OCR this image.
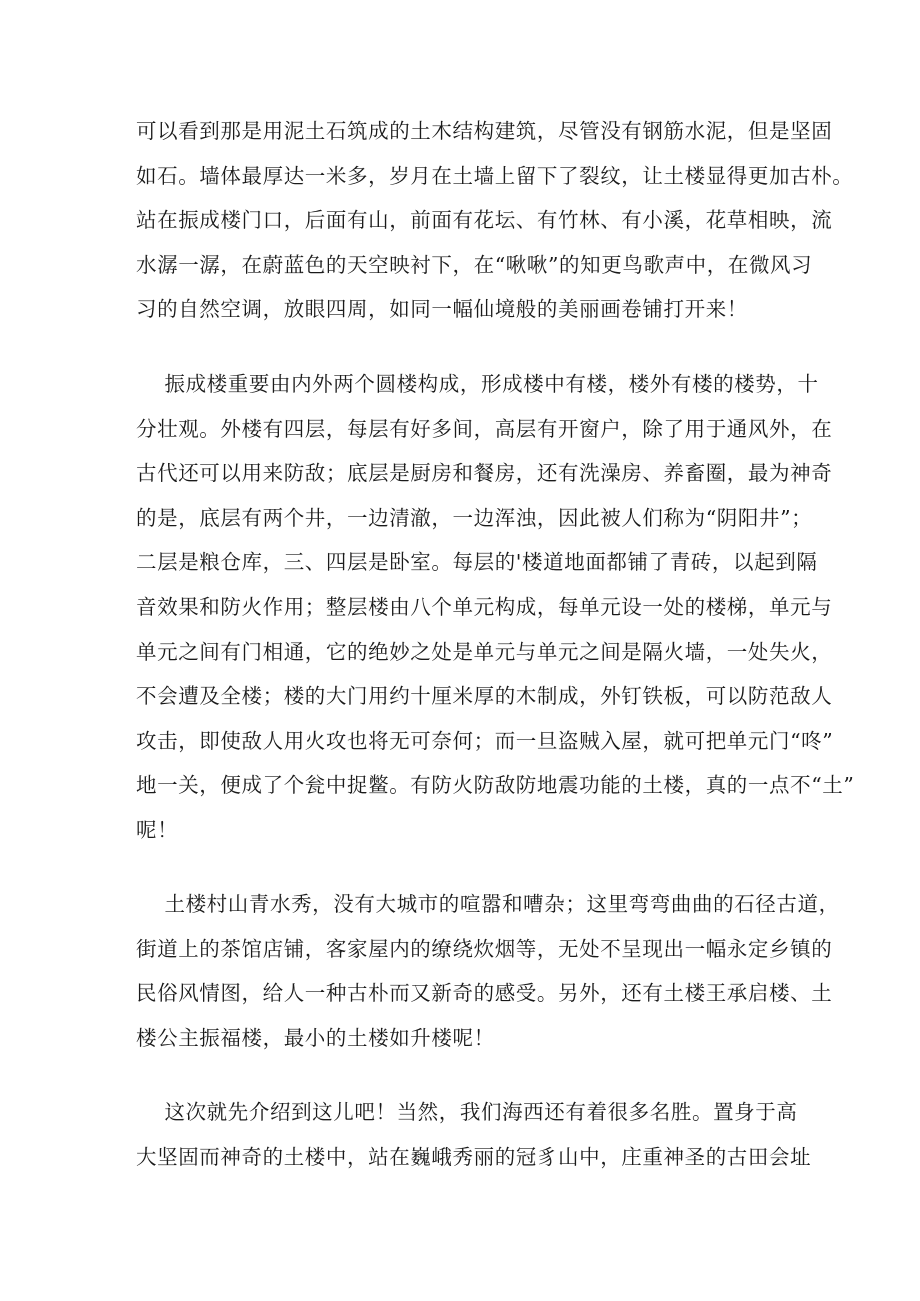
可以看到那是用泥土石筑成的土木结构建筑，尽管没有钢筋水泥，但是坚固
如石。墙体最厚达一米多，岁月在土墙上留下了裂纹，让土楼显得更加古朴。
站在振成楼门口，后面有山，前面有花坛、有竹林、有小溪，花草相映，流
水潺一潺，在蔚蓝色的天空映衬下，在“啾啾”的知更鸟歌声中，在微风习
习的自然空调，放眼四周，如同一幅仙境般的美丽画卷铺打开来！
振成楼重要由内外两个圆楼构成，形成楼中有楼，楼外有楼的楼势，十
分壮观。外楼有四层，每层有好多间，高层有开窗户，除了用于通风外，在
古代还可以用来防敌；底层是厨房和餐房，还有洗澡房、养畜圈，最为神奇
的是，底层有两个井，一边清澈，一边浑浊，因此被人们称为“阴阳井”；
二层是粮仓库，三、四层是卧室。每层的'楼道地面都铺了青砖，以起到隔
音效果和防火作用；整层楼由八个单元构成，每单元设一处的楼梯，单元与
单元之间有门相通，它的绝妙之处是单元与单元之间是隔火墙，一处失火，
不会遭及全楼；楼的大门用约十厘米厚的木制成，外钉铁板，可以防范敌人
攻击，即使敌人用火攻也将无可奈何；而一旦盗贼入屋，就可把单元门“咚”
地一关，便成了个瓮中捉鳖。有防火防敌防地震功能的土楼，真的一点不“土”
呢！
土楼村山青水秀，没有大城市的喧嚣和嘈杂；这里弯弯曲曲的石径古道，
街道上的茶馆店铺，客家屋内的缭绕炊烟等，无处不呈现出一幅永定乡镇的
民俗风情图，给人一种古朴而又新奇的感受。另外，还有土楼王承启楼、土
楼公主振福楼，最小的土楼如升楼呢！
这次就先介绍到这儿吧！当然，我们海西还有着很多名胜。置身于高
大坚固而神奇的土楼中，站在巍峨秀丽的冠豸山中，庄重神圣的古田会址
